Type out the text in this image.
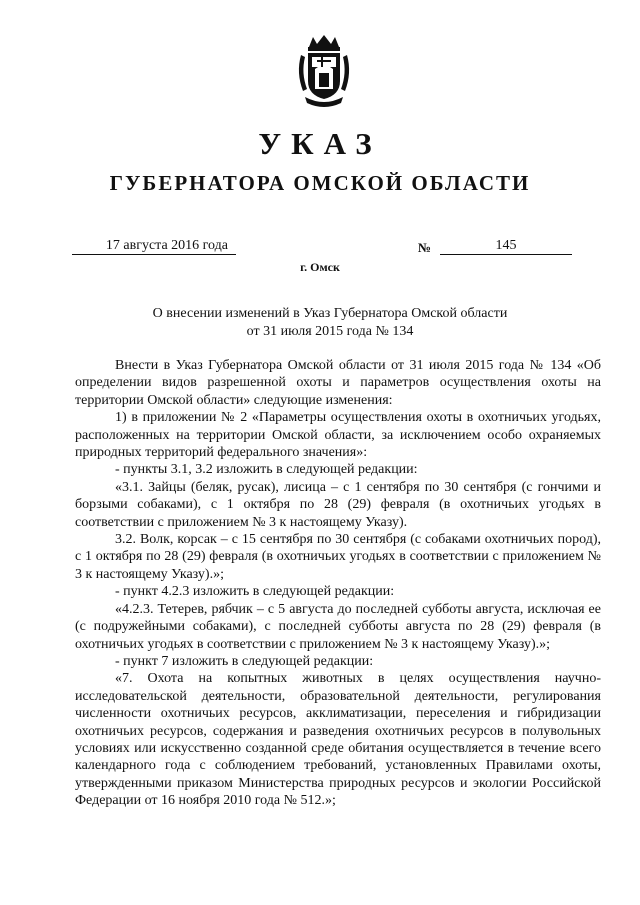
УКАЗ
ГУБЕРНАТОРА ОМСКОЙ ОБЛАСТИ
17 августа 2016 года	№	145
г. Омск
О внесении изменений в Указ Губернатора Омской области
от 31 июля 2015 года № 134

Внести в Указ Губернатора Омской области от 31 июля 2015 года № 134 «Об определении видов разрешенной охоты и параметров осуществления охоты на территории Омской области» следующие изменения:

1) в приложении № 2 «Параметры осуществления охоты в охотничьих угодьях, расположенных на территории Омской области, за исключением особо охраняемых природных территорий федерального значения»:

- пункты 3.1, 3.2 изложить в следующей редакции:

«3.1. Зайцы (беляк, русак), лисица – с 1 сентября по 30 сентября (с гончими и борзыми собаками), с 1 октября по 28 (29) февраля (в охотничьих угодьях в соответствии с приложением № 3 к настоящему Указу).

3.2. Волк, корсак – с 15 сентября по 30 сентября (с собаками охотничьих пород), с 1 октября по 28 (29) февраля (в охотничьих угодьях в соответствии с приложением № 3 к настоящему Указу).»;

- пункт 4.2.3 изложить в следующей редакции:

«4.2.3. Тетерев, рябчик – с 5 августа до последней субботы августа, исключая ее (с подружейными собаками), с последней субботы августа по 28 (29) февраля (в охотничьих угодьях в соответствии с приложением № 3 к настоящему Указу).»;

- пункт 7 изложить в следующей редакции:

«7. Охота на копытных животных в целях осуществления научно-исследовательской деятельности, образовательной деятельности, регулирования численности охотничьих ресурсов, акклиматизации, переселения и гибридизации охотничьих ресурсов, содержания и разведения охотничьих ресурсов в полувольных условиях или искусственно созданной среде обитания осуществляется в течение всего календарного года с соблюдением требований, установленных Правилами охоты, утвержденными приказом Министерства природных ресурсов и экологии Российской Федерации от 16 ноября 2010 года № 512.»;
